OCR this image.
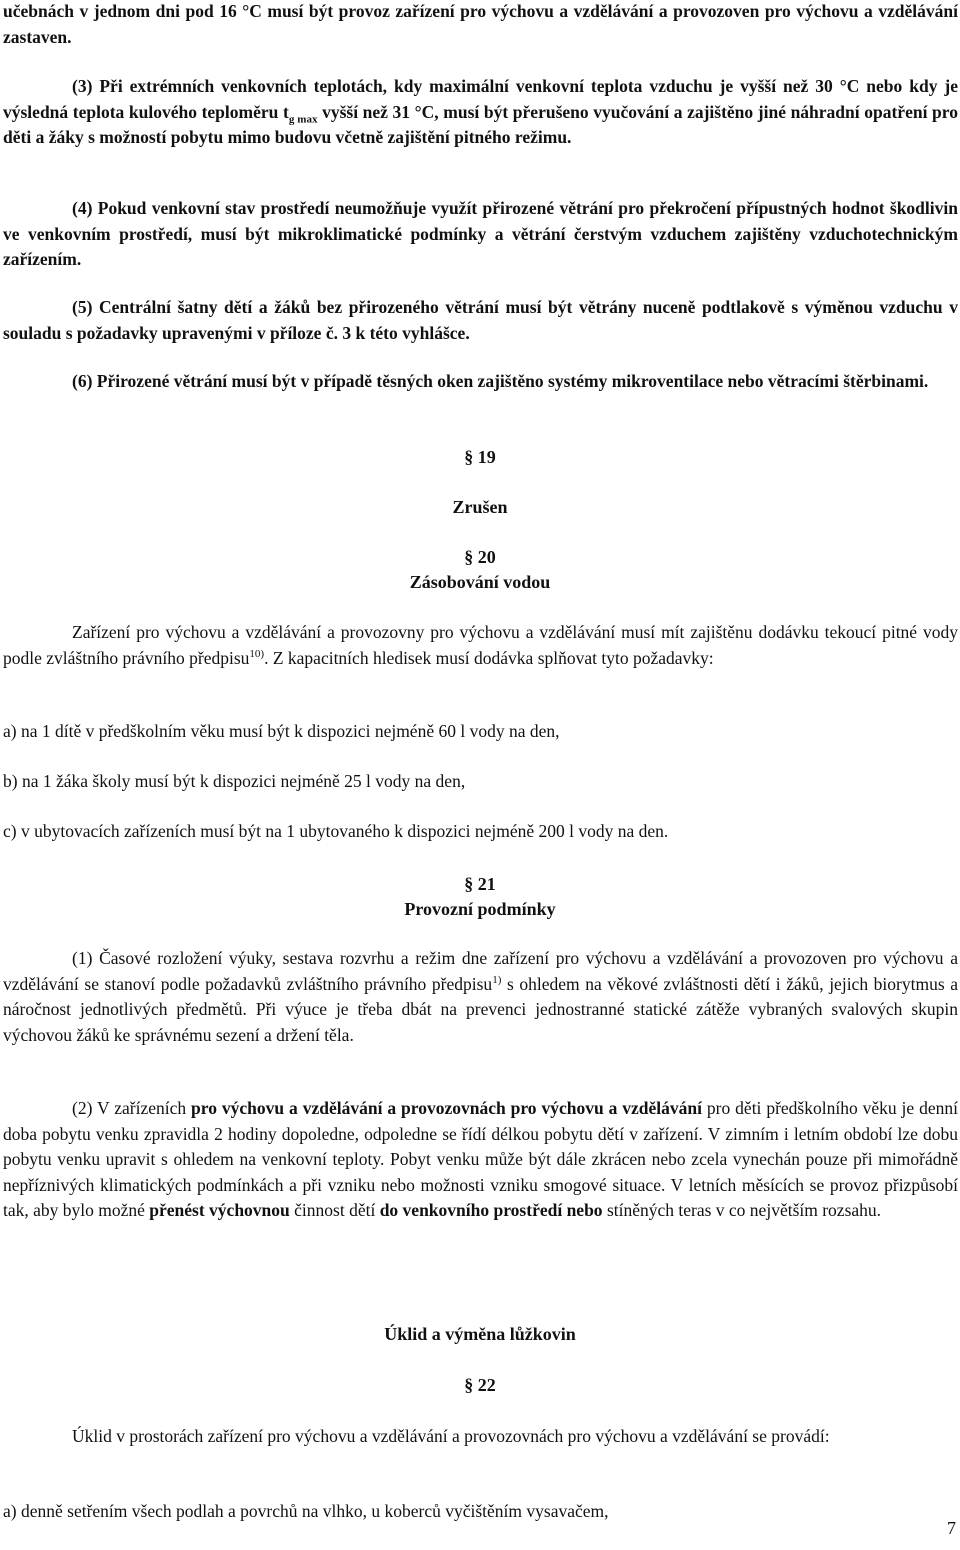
učebnách v jednom dni pod 16 °C musí být provoz zařízení pro výchovu a vzdělávání a provozoven pro výchovu a vzdělávání zastaven.

(3) Při extrémních venkovních teplotách, kdy maximální venkovní teplota vzduchu je vyšší než 30 °C nebo kdy je výsledná teplota kulového teploměru $t_{g max}$ vyšší než 31 °C, musí být přerušeno vyučování a zajištěno jiné náhradní opatření pro děti a žáky s možností pobytu mimo budovu včetně zajištění pitného režimu.

(4) Pokud venkovní stav prostředí neumožňuje využít přirozené větrání pro překročení přípustných hodnot škodlivin ve venkovním prostředí, musí být mikroklimatické podmínky a větrání čerstvým vzduchem zajištěny vzduchotechnickým zařízením.

(5) Centrální šatny dětí a žáků bez přirozeného větrání musí být větrány nuceně podtlakově s výměnou vzduchu v souladu s požadavky upravenými v příloze č. 3 k této vyhlášce.

(6) Přirozené větrání musí být v případě těsných oken zajištěno systémy mikroventilace nebo větracími štěrbinami.

§ 19

Zrušen

§ 20

Zásobování vodou

Zařízení pro výchovu a vzdělávání a provozovny pro výchovu a vzdělávání musí mít zajištěnu dodávku tekoucí pitné vody podle zvláštního právního předpisu$^{10)}$. Z kapacitních hledisek musí dodávka splňovat tyto požadavky:

a) na 1 dítě v předškolním věku musí být k dispozici nejméně 60 l vody na den,

b) na 1 žáka školy musí být k dispozici nejméně 25 l vody na den,

c) v ubytovacích zařízeních musí být na 1 ubytovaného k dispozici nejméně 200 l vody na den.

§ 21

Provozní podmínky

(1) Časové rozložení výuky, sestava rozvrhu a režim dne zařízení pro výchovu a vzdělávání a provozoven pro výchovu a vzdělávání se stanoví podle požadavků zvláštního právního předpisu$^{1)}$ s ohledem na věkové zvláštnosti dětí i žáků, jejich biorytmus a náročnost jednotlivých předmětů. Při výuce je třeba dbát na prevenci jednostranné statické zátěže vybraných svalových skupin výchovou žáků ke správnému sezení a držení těla.

(2) V zařízeních pro výchovu a vzdělávání a provozovnách pro výchovu a vzdělávání pro děti předškolního věku je denní doba pobytu venku zpravidla 2 hodiny dopoledne, odpoledne se řídí délkou pobytu dětí v zařízení. V zimním i letním období lze dobu pobytu venku upravit s ohledem na venkovní teploty. Pobyt venku může být dále zkrácen nebo zcela vynechán pouze při mimořádně nepříznivých klimatických podmínkách a při vzniku nebo možnosti vzniku smogové situace. V letních měsících se provoz přizpůsobí tak, aby bylo možné přenést výchovnou činnost dětí do venkovního prostředí nebo stíněných teras v co největším rozsahu.

Úklid a výměna lůžkovin

§ 22

Úklid v prostorách zařízení pro výchovu a vzdělávání a provozovnách pro výchovu a vzdělávání se provádí:

a) denně setřením všech podlah a povrchů na vlhko, u koberců vyčištěním vysavačem,

7
